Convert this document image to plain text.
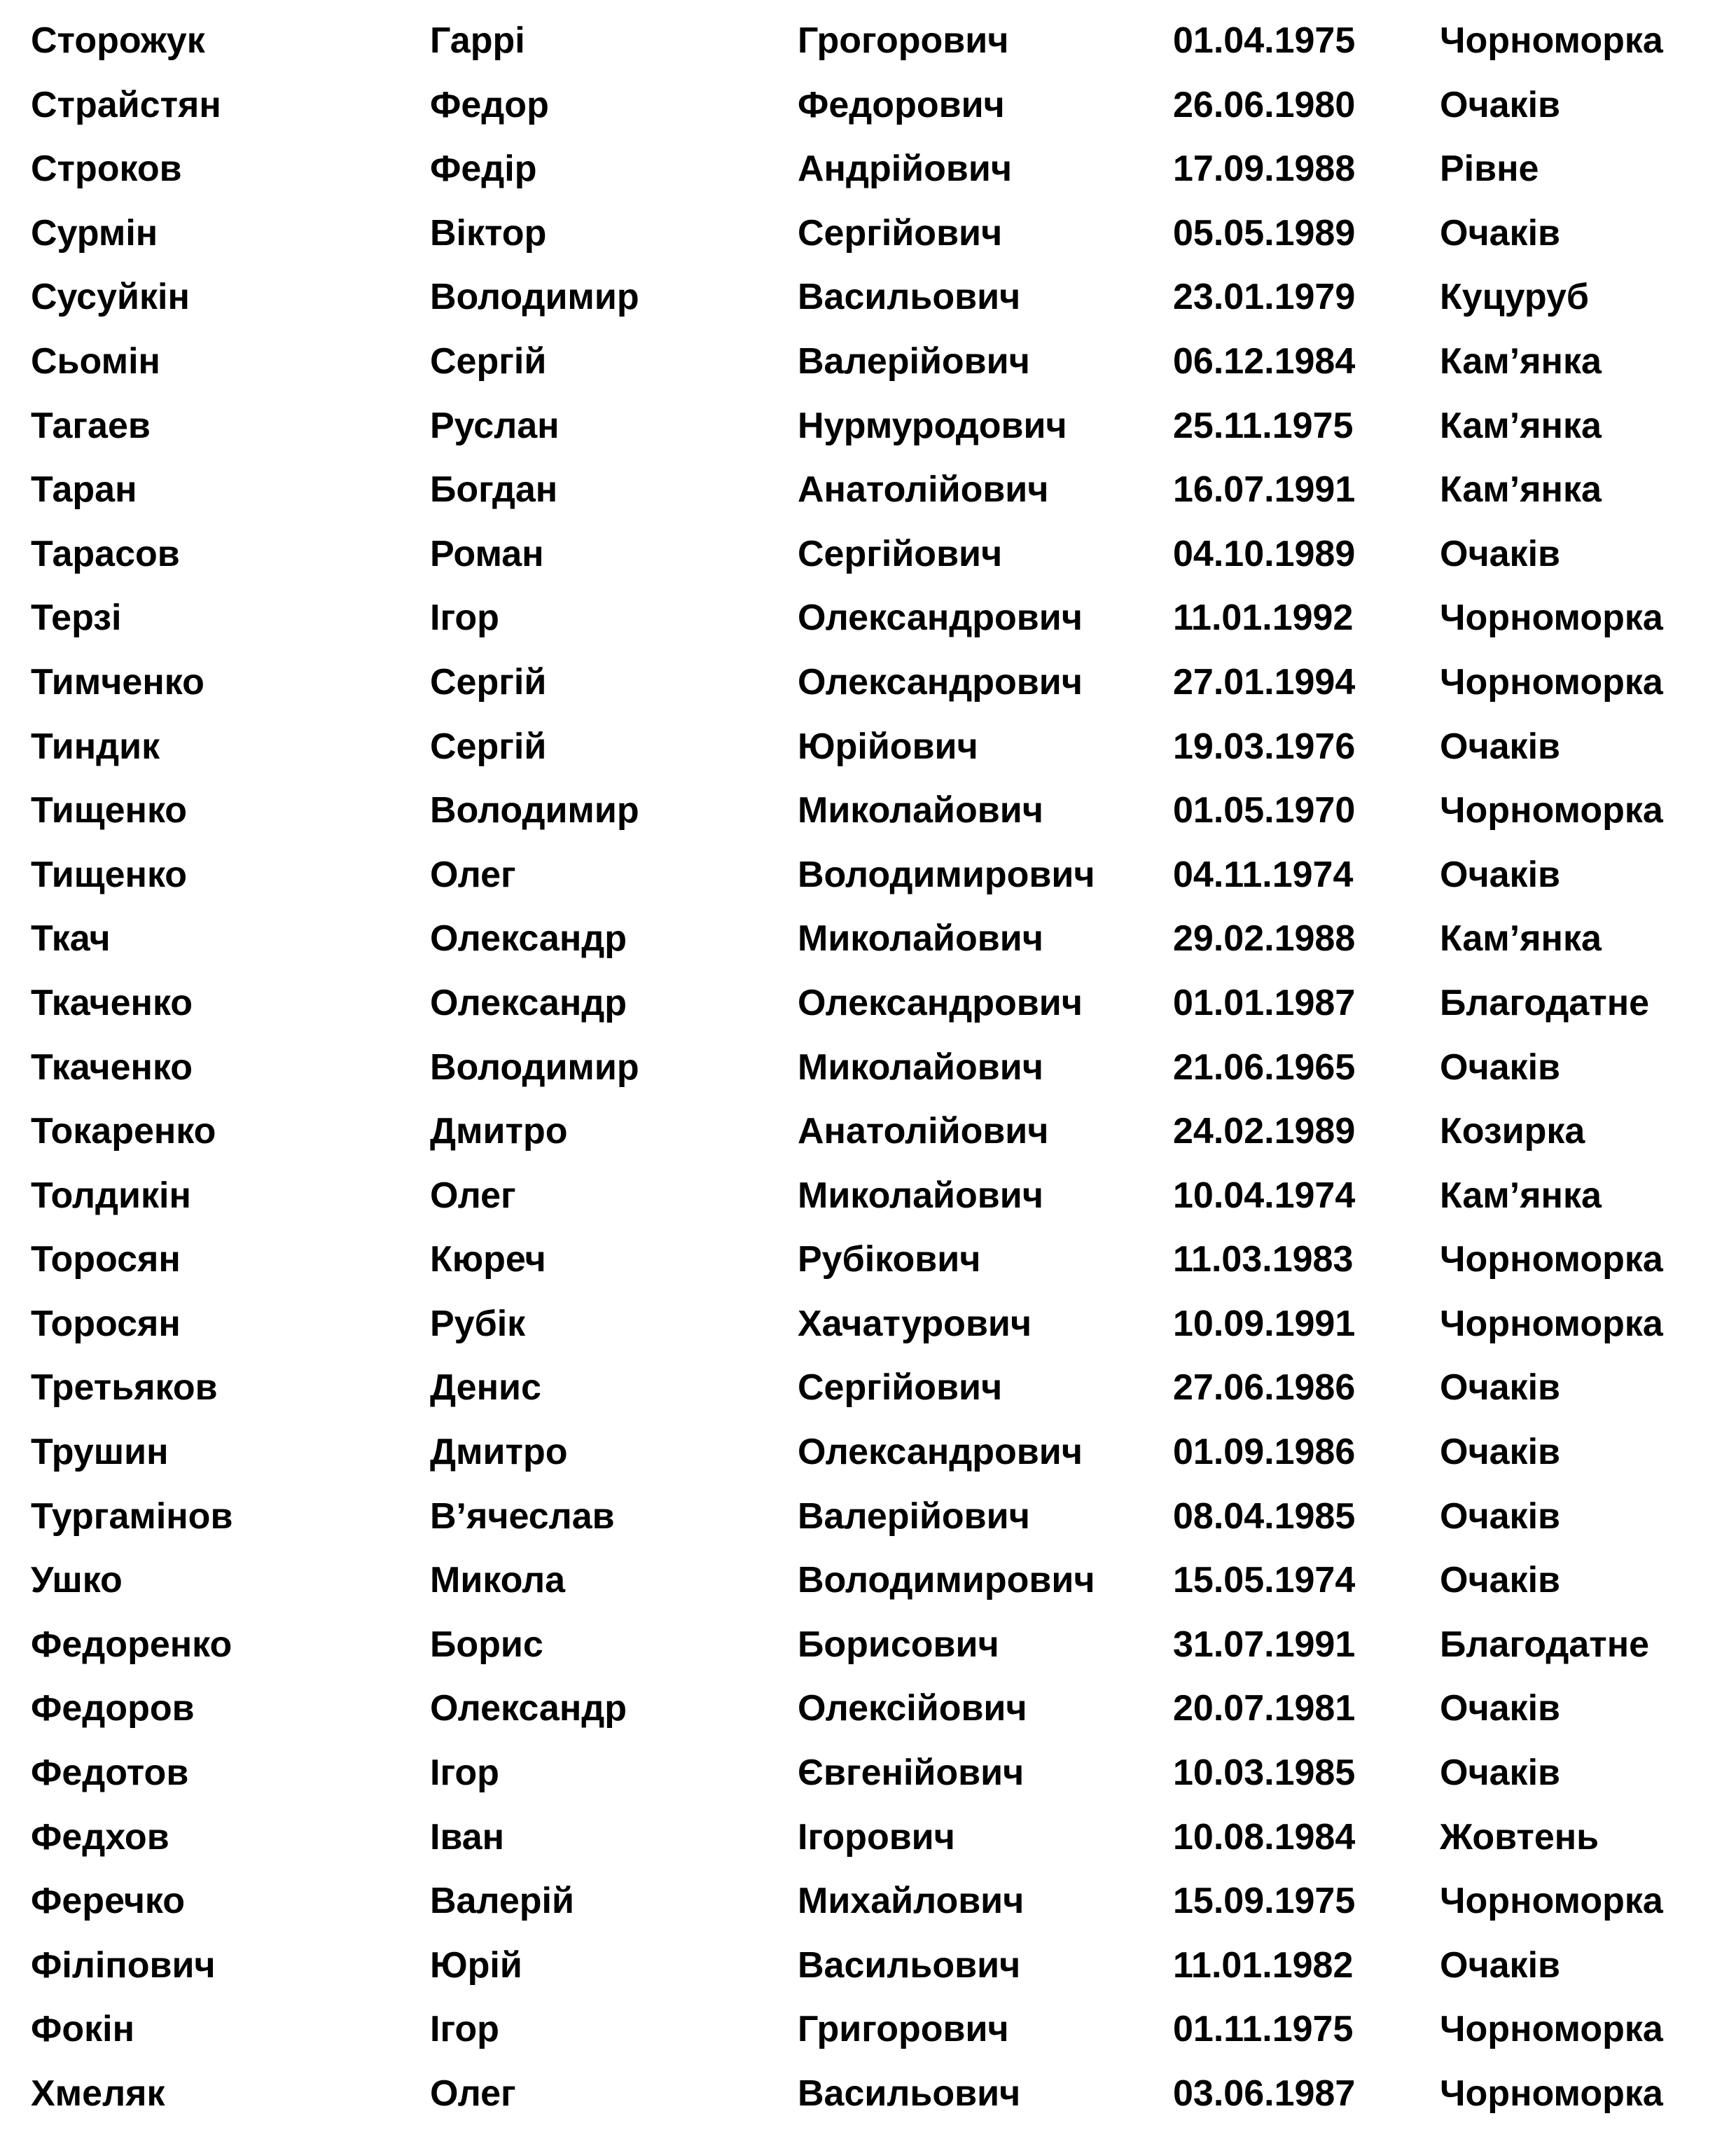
Сторожук	Гаррі	Грогорович	01.04.1975 Чорноморка
Страйстян	Федор	Федорович	26.06.1980 Очаків
Строков	Федір	Андрійович	17.09.1988 Рівне
Сурмін	Віктор	Сергійович	05.05.1989 Очаків
Сусуйкін	Володимир	Васильович	23.01.1979 Куцуруб
Сьомін	Сергій	Валерійович	06.12.1984 Кам’янка
Тагаев	Руслан	Нурмуродович	25.11.1975 Кам’янка
Таран	Богдан	Анатолійович	16.07.1991 Кам’янка
Тарасов	Роман	Сергійович	04.10.1989 Очаків
Терзі	Ігор	Олександрович 11.01.1992 Чорноморка
Тимченко	Сергій	Олександрович 27.01.1994 Чорноморка
Тиндик	Сергій	Юрійович	19.03.1976 Очаків
Тищенко	Володимир	Миколайович	01.05.1970 Чорноморка
Тищенко	Олег	Володимирович 04.11.1974 Очаків
Ткач	Олександр	Миколайович	29.02.1988 Кам’янка
Ткаченко	Олександр	Олександрович 01.01.1987 Благодатне
Ткаченко	Володимир	Миколайович	21.06.1965 Очаків
Токаренко	Дмитро	Анатолійович	24.02.1989 Козирка
Толдикін	Олег	Миколайович	10.04.1974 Кам’янка
Торосян	Кюреч	Рубікович	11.03.1983 Чорноморка
Торосян	Рубік	Хачатурович	10.09.1991 Чорноморка
Третьяков	Денис	Сергійович	27.06.1986 Очаків
Трушин	Дмитро	Олександрович 01.09.1986 Очаків
Тургамінов	В’ячеслав	Валерійович	08.04.1985 Очаків
Ушко	Микола	Володимирович 15.05.1974 Очаків
Федоренко	Борис	Борисович	31.07.1991 Благодатне
Федоров	Олександр	Олексійович	20.07.1981 Очаків
Федотов	Ігор	Євгенійович	10.03.1985 Очаків
Федхов	Іван	Ігорович	10.08.1984 Жовтень
Феречко	Валерій	Михайлович	15.09.1975 Чорноморка
Філіпович	Юрій	Васильович	11.01.1982 Очаків
Фокін	Ігор	Григорович	01.11.1975 Чорноморка
Хмеляк	Олег	Васильович	03.06.1987 Чорноморка
